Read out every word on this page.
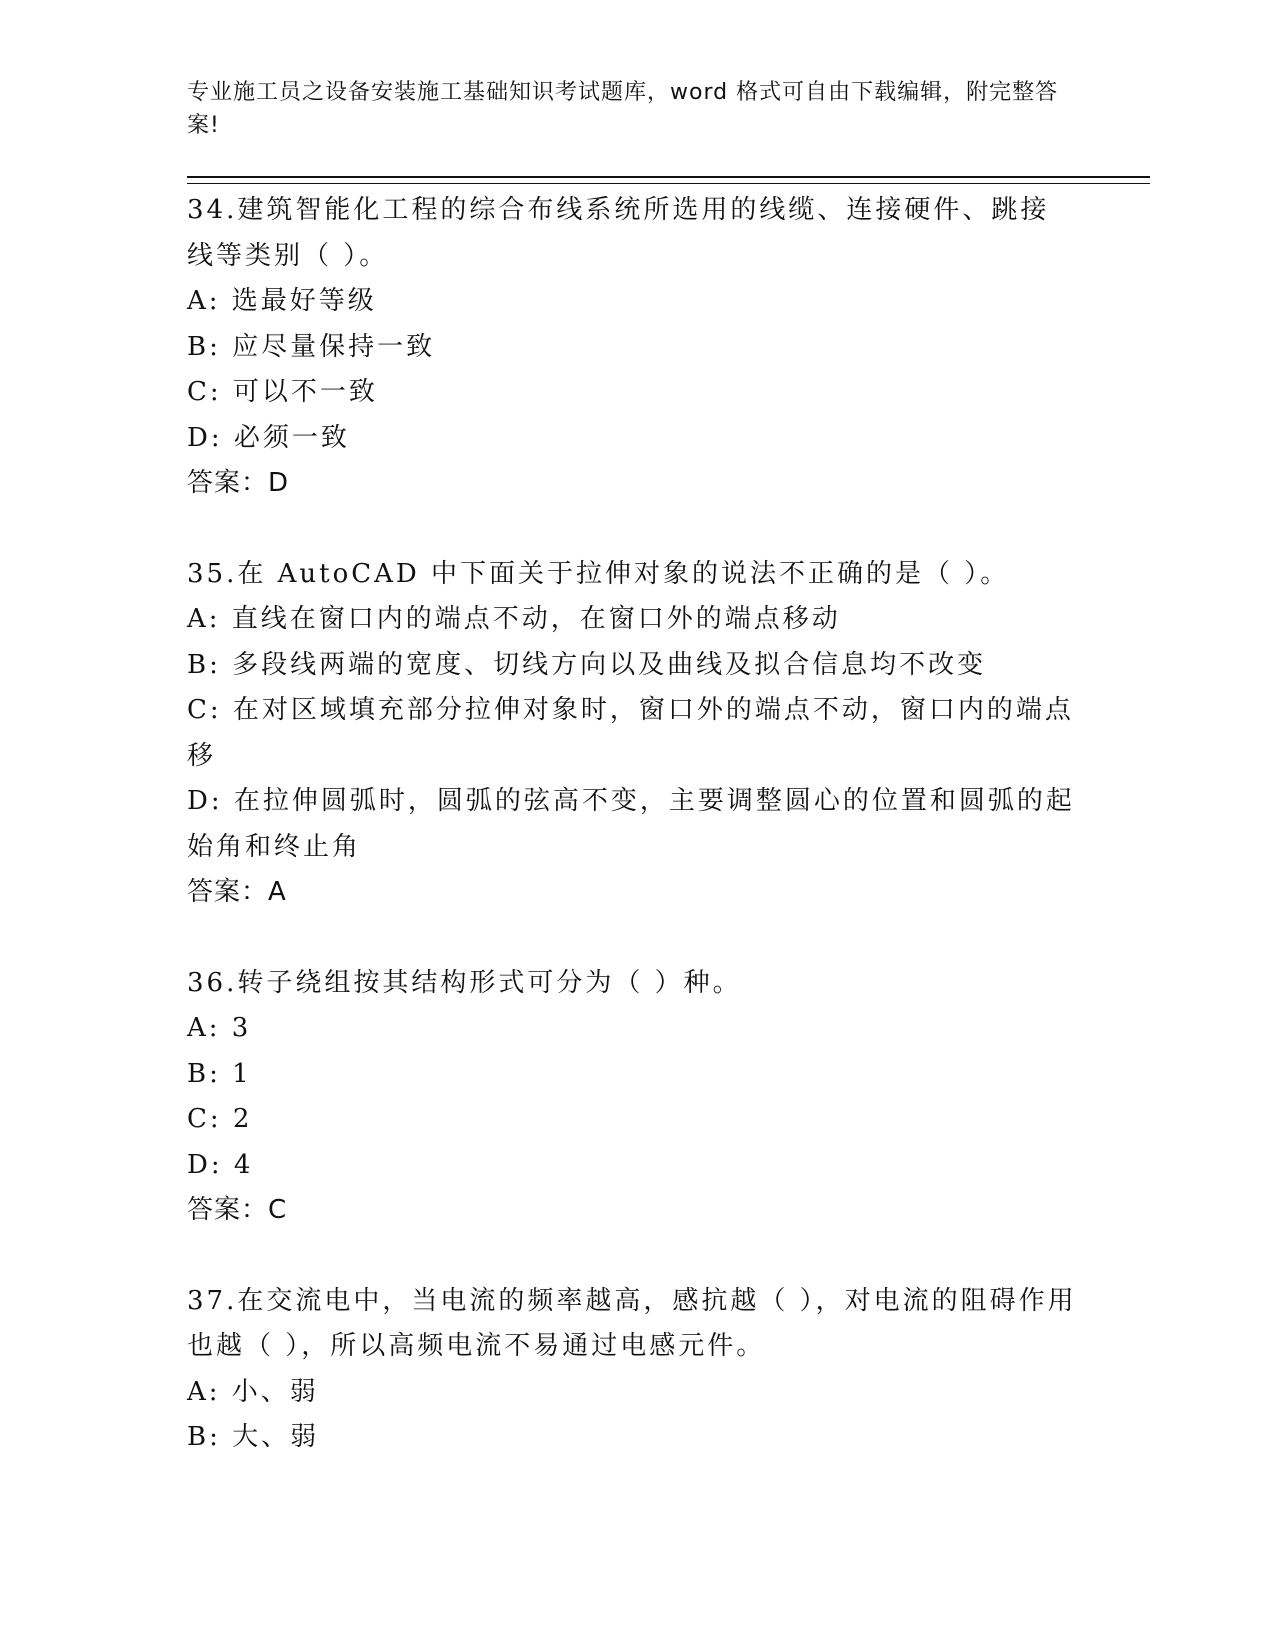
专业施工员之设备安装施工基础知识考试题库，word 格式可自由下载编辑，附完整答案!
34.建筑智能化工程的综合布线系统所选用的线缆、连接硬件、跳接线等类别（ ）。
A: 选最好等级
B: 应尽量保持一致
C: 可以不一致
D: 必须一致
答案：D
35.在 AutoCAD 中下面关于拉伸对象的说法不正确的是（ ）。
A: 直线在窗口内的端点不动，在窗口外的端点移动
B: 多段线两端的宽度、切线方向以及曲线及拟合信息均不改变
C: 在对区域填充部分拉伸对象时，窗口外的端点不动，窗口内的端点移
D: 在拉伸圆弧时，圆弧的弦高不变，主要调整圆心的位置和圆弧的起始角和终止角
答案：A
36.转子绕组按其结构形式可分为（ ）种。
A: 3
B: 1
C: 2
D: 4
答案：C
37.在交流电中，当电流的频率越高，感抗越（ ），对电流的阻碍作用也越（ ），所以高频电流不易通过电感元件。
A: 小、弱
B: 大、弱
